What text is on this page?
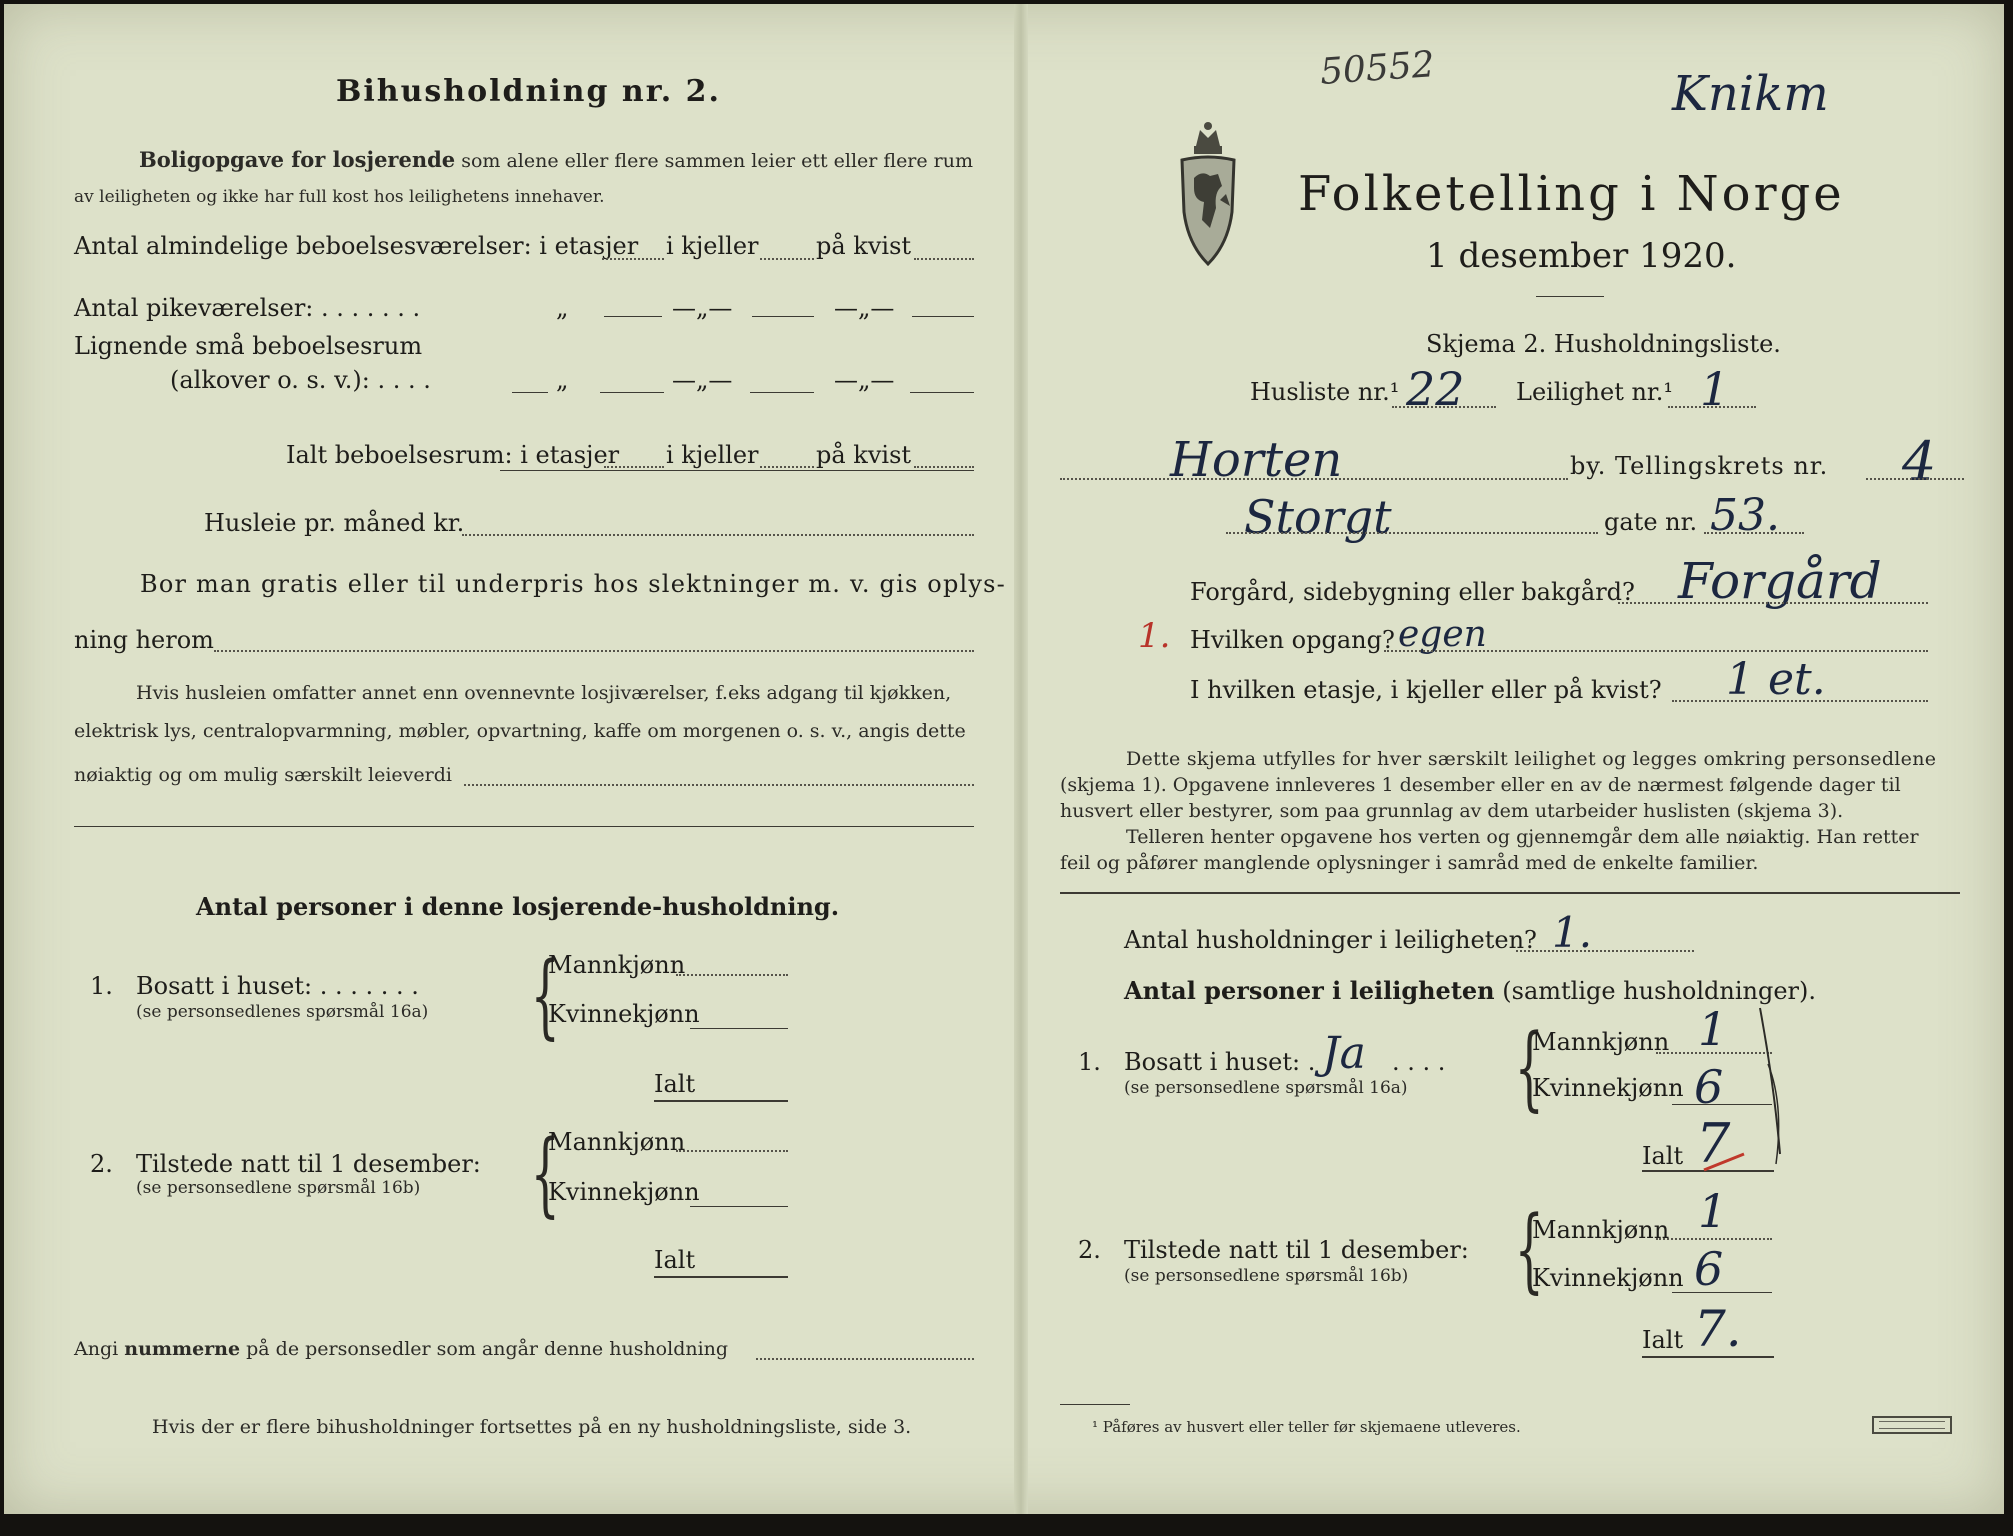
Bihusholdning nr. 2.
Boligopgave for losjerende som alene eller flere sammen leier ett eller flere rum
av leiligheten og ikke har full kost hos leilighetens innehaver.
Antal almindelige beboelsesværelser: i etasjer i kjeller på kvist
Antal pikeværelser: . . . . . . .	„	—„—	—„—
Lignende små beboelsesrum
(alkover o. s. v.): . . . .	„	—„—	—„—
Ialt beboelsesrum: i etasjer i kjeller på kvist
Husleie pr. måned kr.
Bor man gratis eller til underpris hos slektninger m. v. gis oplys-
ning herom
Hvis husleien omfatter annet enn ovennevnte losjiværelser, f.eks adgang til kjøkken,
elektrisk lys, centralopvarmning, møbler, opvartning, kaffe om morgenen o. s. v., angis dette
nøiaktig og om mulig særskilt leieverdi
Antal personer i denne losjerende-husholdning.
1. Bosatt i huset: . . . . . . .
(se personsedlenes spørsmål 16a) {
Mannkjønn
Kvinnekjønn
Ialt
2. Tilstede natt til 1 desember:
(se personsedlene spørsmål 16b) {
Mannkjønn
Kvinnekjønn
Ialt
Angi nummerne på de personsedler som angår denne husholdning
Hvis der er flere bihusholdninger fortsettes på en ny husholdningsliste, side 3.
50552	Knikm
Folketelling i Norge
1 desember 1920.
Skjema 2. Husholdningsliste.
Husliste nr.¹ 22 Leilighet nr.¹ 1
Horten	by. Tellingskrets nr. 4
Storgt	gate nr. 53.
Forgård, sidebygning eller bakgård? Forgård
1. Hvilken opgang? egen
I hvilken etasje, i kjeller eller på kvist? 1 et.
Dette skjema utfylles for hver særskilt leilighet og legges omkring personsedlene
(skjema 1). Opgavene innleveres 1 desember eller en av de nærmest følgende dager til
husvert eller bestyrer, som paa grunnlag av dem utarbeider huslisten (skjema 3).
Telleren henter opgavene hos verten og gjennemgår dem alle nøiaktig. Han retter
feil og påfører manglende oplysninger i samråd med de enkelte familier.
Antal husholdninger i leiligheten? 1.
Antal personer i leiligheten (samtlige husholdninger).
1. Bosatt i huset: . Ja . . . .
(se personsedlene spørsmål 16a) {
Mannkjønn 1
Kvinnekjønn 6
Ialt 7
2. Tilstede natt til 1 desember:
(se personsedlene spørsmål 16b) {
Mannkjønn 1
Kvinnekjønn 6
Ialt 7.
¹ Påføres av husvert eller teller før skjemaene utleveres.
